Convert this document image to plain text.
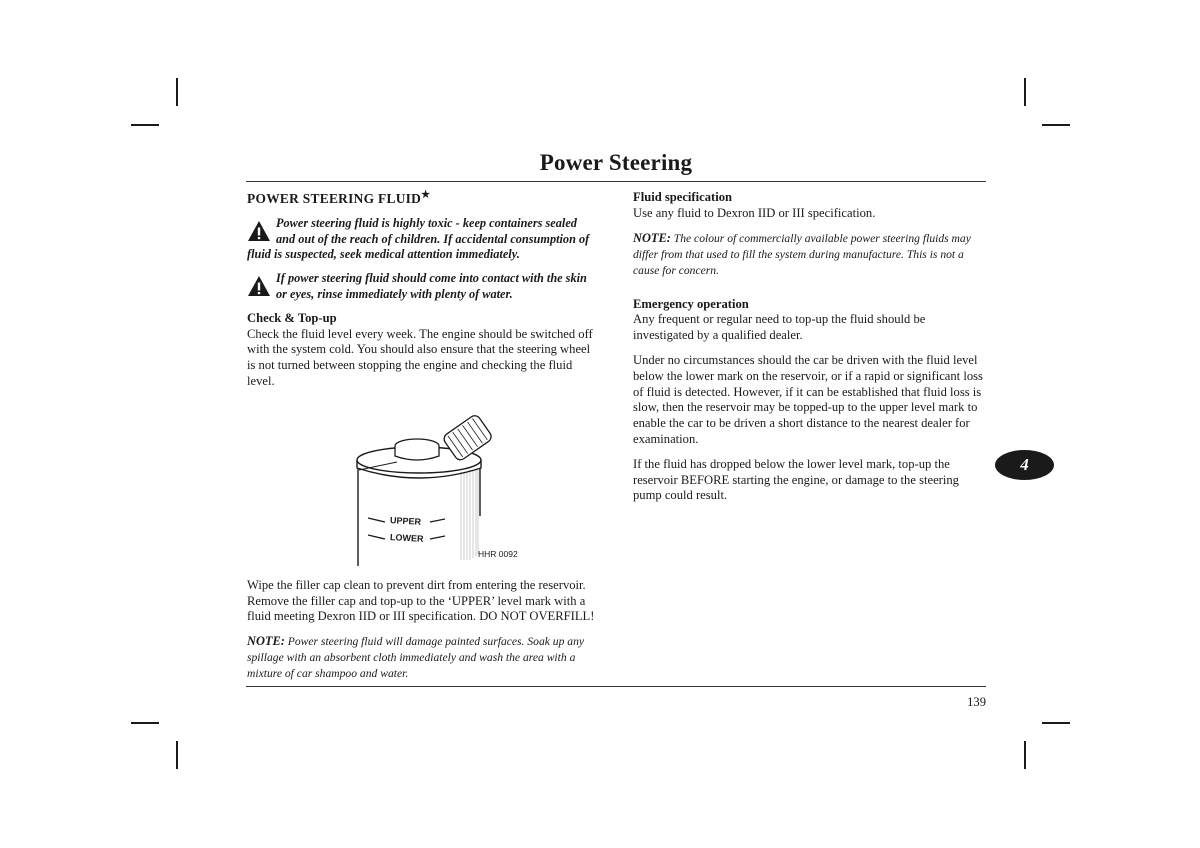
Power Steering
POWER STEERING FLUID★
Power steering fluid is highly toxic - keep containers sealed and out of the reach of children. If accidental consumption of fluid is suspected, seek medical attention immediately.
If power steering fluid should come into contact with the skin or eyes, rinse immediately with plenty of water.
Check & Top-up

Check the fluid level every week. The engine should be switched off with the system cold. You should also ensure that the steering wheel is not turned between stopping the engine and checking the fluid level.

UPPER
LOWER
HHR 0092

Wipe the filler cap clean to prevent dirt from entering the reservoir. Remove the filler cap and top-up to the ‘UPPER’ level mark with a fluid meeting Dexron IID or III specification. DO NOT OVERFILL!

NOTE: Power steering fluid will damage painted surfaces. Soak up any spillage with an absorbent cloth immediately and wash the area with a mixture of car shampoo and water.

Fluid specification

Use any fluid to Dexron IID or III specification.

NOTE: The colour of commercially available power steering fluids may differ from that used to fill the system during manufacture. This is not a cause for concern.

Emergency operation

Any frequent or regular need to top-up the fluid should be investigated by a qualified dealer.

Under no circumstances should the car be driven with the fluid level below the lower mark on the reservoir, or if a rapid or significant loss of fluid is detected. However, if it can be established that fluid loss is slow, then the reservoir may be topped-up to the upper level mark to enable the car to be driven a short distance to the nearest dealer for examination.

If the fluid has dropped below the lower level mark, top-up the reservoir BEFORE starting the engine, or damage to the steering pump could result.

4
139
